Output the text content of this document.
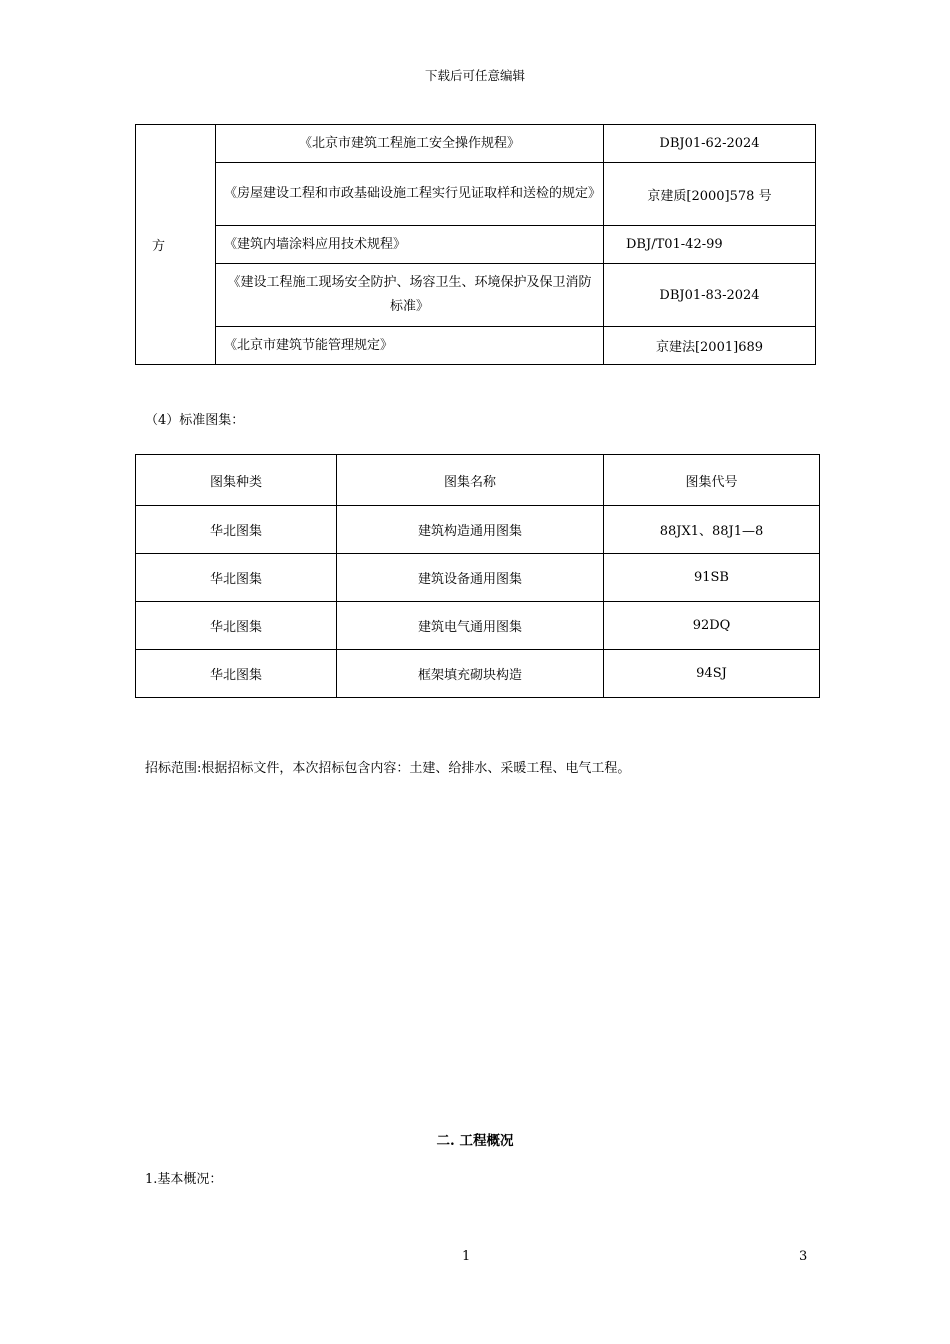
下载后可任意编辑
方	《北京市建筑工程施工安全操作规程》	DBJ01-62-2024
	《房屋建设工程和市政基础设施工程实行见证取样和送检的规定》	京建质[2000]578 号
	《建筑内墙涂料应用技术规程》	DBJ/T01-42-99
	《建设工程施工现场安全防护、场容卫生、环境保护及保卫消防标准》	DBJ01-83-2024
	《北京市建筑节能管理规定》	京建法[2001]689
（4）标准图集：
图集种类	图集名称	图集代号
华北图集	建筑构造通用图集	88JX1、88J1—8
华北图集	建筑设备通用图集	91SB
华北图集	建筑电气通用图集	92DQ
华北图集	框架填充砌块构造	94SJ
招标范围:根据招标文件，本次招标包含内容：土建、给排水、采暖工程、电气工程。
二. 工程概况
1.基本概况：
1	3
